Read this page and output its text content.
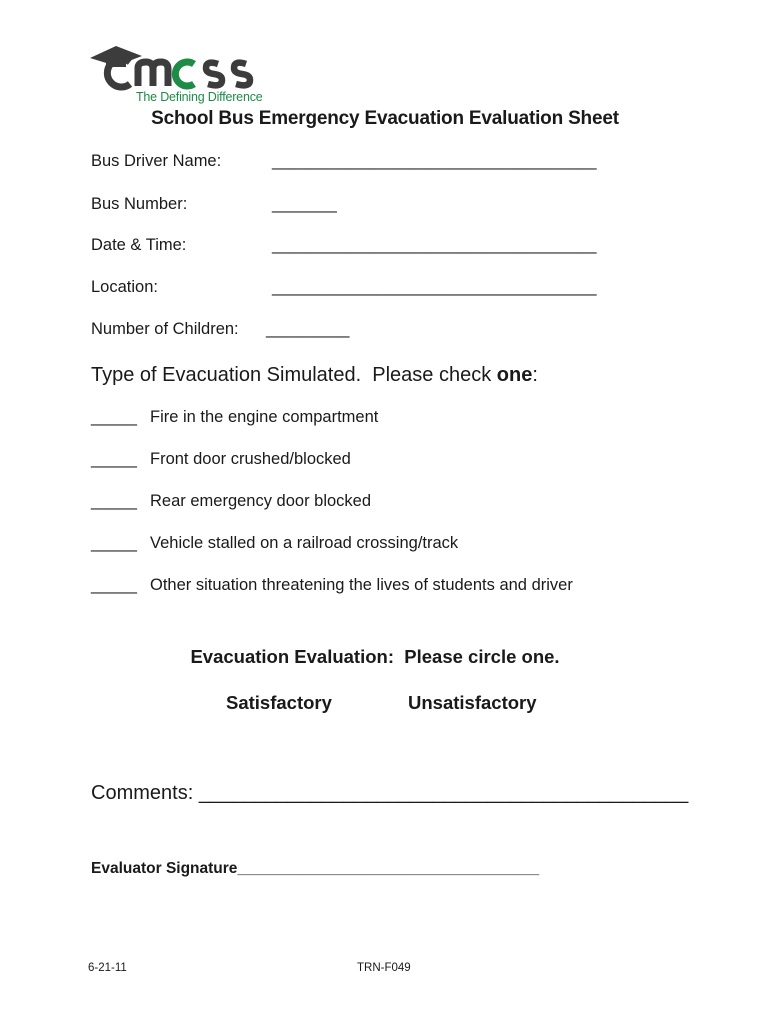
The Defining Difference
School Bus Emergency Evacuation Evaluation Sheet
Bus Driver Name:	___________________________________
Bus Number:	_______
Date & Time:	___________________________________
Location:	___________________________________
Number of Children: _________
Type of Evacuation Simulated.  Please check one:
_____ Fire in the engine compartment
_____ Front door crushed/blocked
_____ Rear emergency door blocked
_____ Vehicle stalled on a railroad crossing/track
_____ Other situation threatening the lives of students and driver
Evacuation Evaluation:  Please circle one.
Satisfactory	Unsatisfactory
Comments: ____________________________________________
Evaluator Signature___________________________________
6-21-11	TRN-F049
